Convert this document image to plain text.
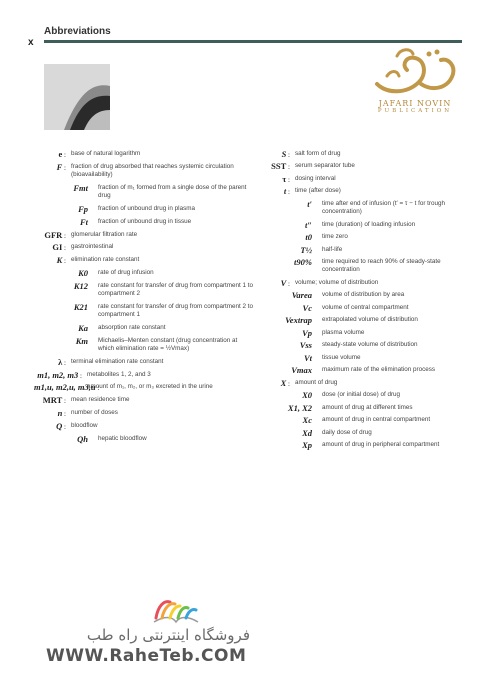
x
Abbreviations
JAFARI NOVIN
PUBLICATION
e :	base of natural logarithm
F :	fraction of drug absorbed that reaches systemic circulation (bioavailability)
Fmt fraction of m₁ formed from a single dose of the parent drug
Fp fraction of unbound drug in plasma
Ft fraction of unbound drug in tissue
GFR :	glomerular filtration rate
GI :	gastrointestinal
K :	elimination rate constant
K0 rate of drug infusion
K12 rate constant for transfer of drug from compartment 1 to compartment 2
K21 rate constant for transfer of drug from compartment 2 to compartment 1
Ka absorption rate constant
Km Michaelis–Menten constant (drug concentration at which elimination rate = ½Vmax)
λ :	terminal elimination rate constant
m1, m2, m3 :	metabolites 1, 2, and 3
m1,u, m2,u, m3,u :
amount of m₁, m₂, or m₃ excreted in the urine
MRT :	mean residence time
n :	number of doses
Q :	bloodflow
Qh hepatic bloodflow
S :	salt form of drug
SST :	serum separator tube
τ :	dosing interval
t :	time (after dose)
t′ time after end of infusion (t′ = τ − t for trough concentration)
t″ time (duration) of loading infusion
t0 time zero
T½ half-life
t90% time required to reach 90% of steady-state concentration
V :	volume; volume of distribution
Varea volume of distribution by area
Vc volume of central compartment
Vextrap extrapolated volume of distribution
Vp plasma volume
Vss steady-state volume of distribution
Vt tissue volume
Vmax maximum rate of the elimination process
X :	amount of drug
X0 dose (or initial dose) of drug
X1, X2 amount of drug at different times
Xc amount of drug in central compartment
Xd daily dose of drug
Xp amount of drug in peripheral compartment
فروشگاه اینترنتی راه طب
WWW.RaheTeb.COM
